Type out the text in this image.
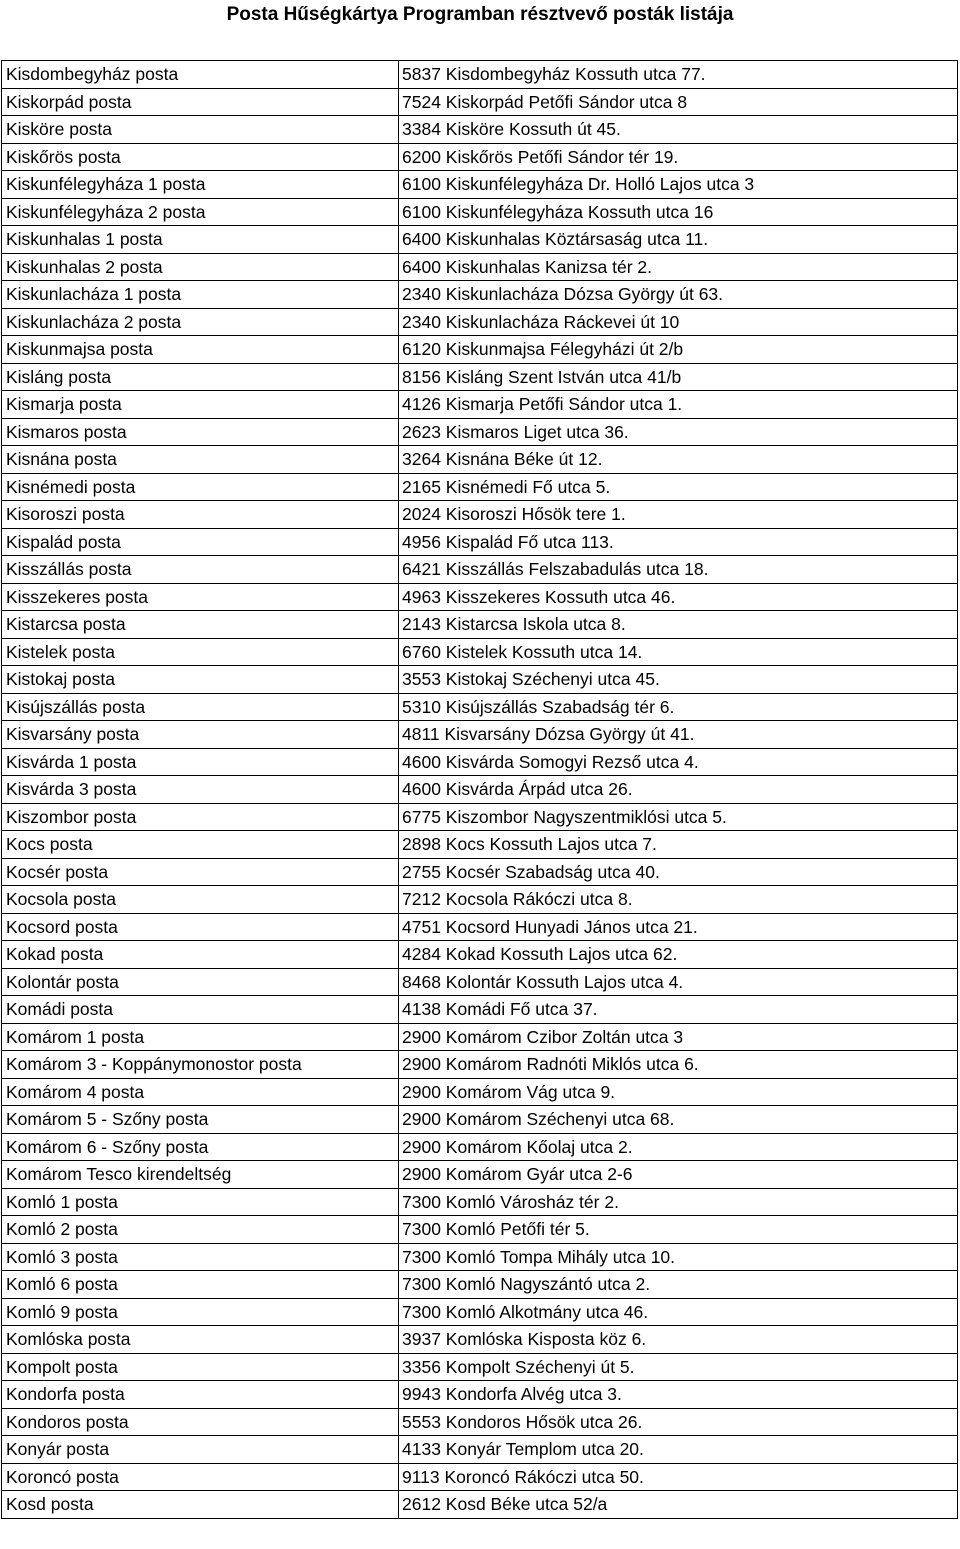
Posta Hűségkártya Programban résztvevő posták listája
Kisdombegyház posta	5837 Kisdombegyház Kossuth utca 77.
Kiskorpád posta	7524 Kiskorpád Petőfi Sándor utca 8
Kisköre posta	3384 Kisköre Kossuth út 45.
Kiskőrös posta	6200 Kiskőrös Petőfi Sándor tér 19.
Kiskunfélegyháza 1 posta	6100 Kiskunfélegyháza Dr. Holló Lajos utca 3
Kiskunfélegyháza 2 posta	6100 Kiskunfélegyháza Kossuth utca 16
Kiskunhalas 1 posta	6400 Kiskunhalas Köztársaság utca 11.
Kiskunhalas 2 posta	6400 Kiskunhalas Kanizsa tér 2.
Kiskunlacháza 1 posta	2340 Kiskunlacháza Dózsa György út 63.
Kiskunlacháza 2 posta	2340 Kiskunlacháza Ráckevei út 10
Kiskunmajsa posta	6120 Kiskunmajsa Félegyházi út 2/b
Kisláng posta	8156 Kisláng Szent István utca 41/b
Kismarja posta	4126 Kismarja Petőfi Sándor utca 1.
Kismaros posta	2623 Kismaros Liget utca 36.
Kisnána posta	3264 Kisnána Béke út 12.
Kisnémedi posta	2165 Kisnémedi Fő utca 5.
Kisoroszi posta	2024 Kisoroszi Hősök tere 1.
Kispalád posta	4956 Kispalád Fő utca 113.
Kisszállás posta	6421 Kisszállás Felszabadulás utca 18.
Kisszekeres posta	4963 Kisszekeres Kossuth utca 46.
Kistarcsa posta	2143 Kistarcsa Iskola utca 8.
Kistelek posta	6760 Kistelek Kossuth utca 14.
Kistokaj posta	3553 Kistokaj Széchenyi utca 45.
Kisújszállás posta	5310 Kisújszállás Szabadság tér 6.
Kisvarsány posta	4811 Kisvarsány Dózsa György út 41.
Kisvárda 1 posta	4600 Kisvárda Somogyi Rezső utca 4.
Kisvárda 3 posta	4600 Kisvárda Árpád utca 26.
Kiszombor posta	6775 Kiszombor Nagyszentmiklósi utca 5.
Kocs posta	2898 Kocs Kossuth Lajos utca 7.
Kocsér posta	2755 Kocsér Szabadság utca 40.
Kocsola posta	7212 Kocsola Rákóczi utca 8.
Kocsord posta	4751 Kocsord Hunyadi János utca 21.
Kokad posta	4284 Kokad Kossuth Lajos utca 62.
Kolontár posta	8468 Kolontár Kossuth Lajos utca 4.
Komádi posta	4138 Komádi Fő utca 37.
Komárom 1 posta	2900 Komárom Czibor Zoltán utca 3
Komárom 3 - Koppánymonostor posta	2900 Komárom Radnóti Miklós utca 6.
Komárom 4 posta	2900 Komárom Vág utca 9.
Komárom 5 - Szőny posta	2900 Komárom Széchenyi utca 68.
Komárom 6 - Szőny posta	2900 Komárom Kőolaj utca 2.
Komárom Tesco kirendeltség	2900 Komárom Gyár utca 2-6
Komló 1 posta	7300 Komló Városház tér 2.
Komló 2 posta	7300 Komló Petőfi tér 5.
Komló 3 posta	7300 Komló Tompa Mihály utca 10.
Komló 6 posta	7300 Komló Nagyszántó utca 2.
Komló 9 posta	7300 Komló Alkotmány utca 46.
Komlóska posta	3937 Komlóska Kisposta köz 6.
Kompolt posta	3356 Kompolt Széchenyi út 5.
Kondorfa posta	9943 Kondorfa Alvég utca 3.
Kondoros posta	5553 Kondoros Hősök utca 26.
Konyár posta	4133 Konyár Templom utca 20.
Koroncó posta	9113 Koroncó Rákóczi utca 50.
Kosd posta	2612 Kosd Béke utca 52/a
